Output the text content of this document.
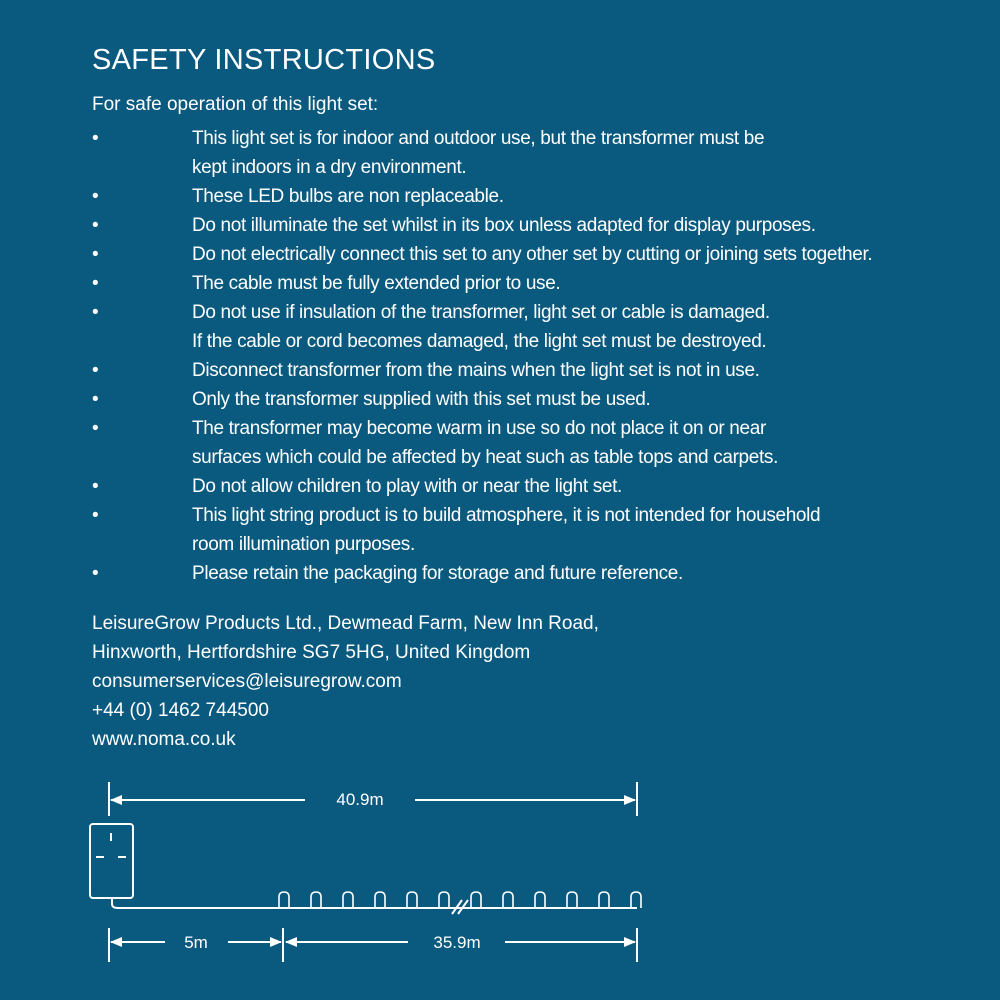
SAFETY INSTRUCTIONS
For safe operation of this light set:
• This light set is for indoor and outdoor use, but the transformer must be
kept indoors in a dry environment.
• These LED bulbs are non replaceable.
• Do not illuminate the set whilst in its box unless adapted for display purposes.
• Do not electrically connect this set to any other set by cutting or joining sets together.
• The cable must be fully extended prior to use.
• Do not use if insulation of the transformer, light set or cable is damaged.
If the cable or cord becomes damaged, the light set must be destroyed.
• Disconnect transformer from the mains when the light set is not in use.
• Only the transformer supplied with this set must be used.
• The transformer may become warm in use so do not place it on or near
surfaces which could be affected by heat such as table tops and carpets.
• Do not allow children to play with or near the light set.
• This light string product is to build atmosphere, it is not intended for household
room illumination purposes.
• Please retain the packaging for storage and future reference.
LeisureGrow Products Ltd., Dewmead Farm, New Inn Road,
Hinxworth, Hertfordshire SG7 5HG, United Kingdom
consumerservices@leisuregrow.com
+44 (0) 1462 744500
www.noma.co.uk
40.9m
5m	35.9m
